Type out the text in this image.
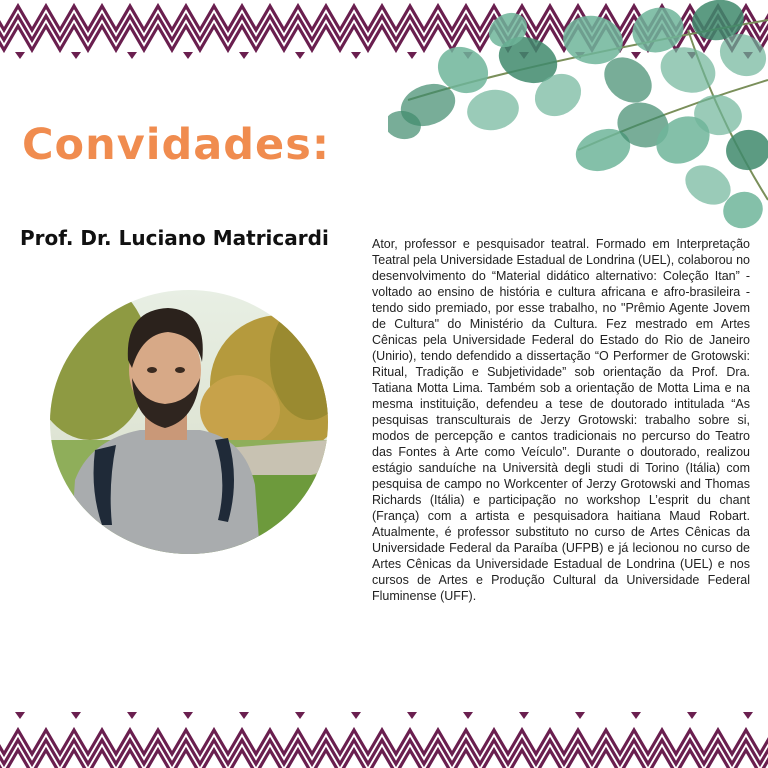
Convidades:
Prof. Dr. Luciano Matricardi	Ator, professor e pesquisador teatral. Formado em Interpretação Teatral pela Universidade Estadual de Londrina (UEL), colaborou no desenvolvimento do “Material didático alternativo: Coleção Itan” - voltado ao ensino de história e cultura africana e afro-brasileira - tendo sido premiado, por esse trabalho, no "Prêmio Agente Jovem de Cultura" do Ministério da Cultura. Fez mestrado em Artes Cênicas pela Universidade Federal do Estado do Rio de Janeiro (Unirio), tendo defendido a dissertação “O Performer de Grotowski: Ritual, Tradição e Subjetividade” sob orientação da Prof. Dra. Tatiana Motta Lima. Também sob a orientação de Motta Lima e na mesma instituição, defendeu a tese de doutorado intitulada “As pesquisas transculturais de Jerzy Grotowski: trabalho sobre si, modos de percepção e cantos tradicionais no percurso do Teatro das Fontes à Arte como Veículo”. Durante o doutorado, realizou estágio sanduíche na Università degli studi di Torino (Itália) com pesquisa de campo no Workcenter of Jerzy Grotowski and Thomas Richards (Itália) e participação no workshop L’esprit du chant (França) com a artista e pesquisadora haitiana Maud Robart. Atualmente, é professor substituto no curso de Artes Cênicas da Universidade Federal da Paraíba (UFPB) e já lecionou no curso de Artes Cênicas da Universidade Estadual de Londrina (UEL) e nos cursos de Artes e Produção Cultural da Universidade Federal Fluminense (UFF).
